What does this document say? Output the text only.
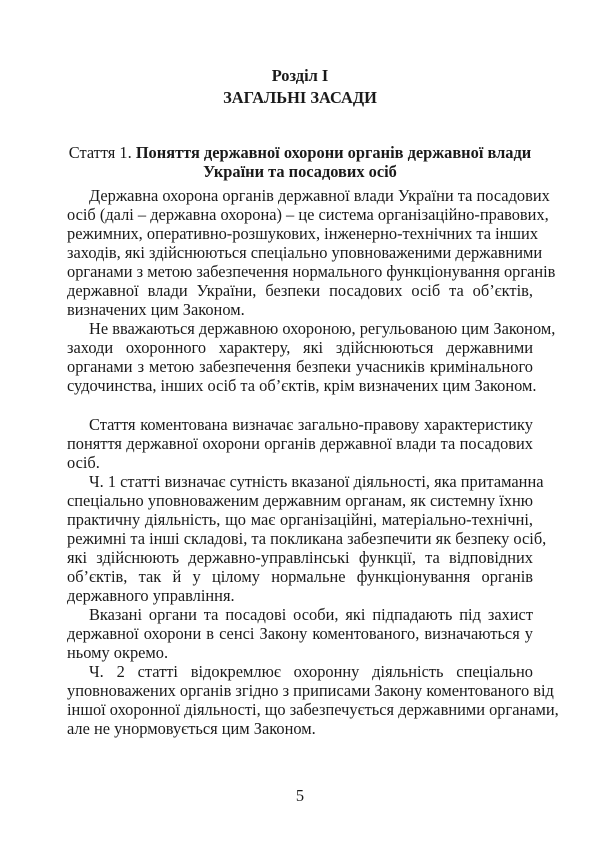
Розділ І
ЗАГАЛЬНІ ЗАСАДИ
Стаття 1. Поняття державної охорони органів державної влади
України та посадових осіб
Державна охорона органів державної влади України та посадових
осіб (далі – державна охорона) – це система організаційно-правових,
режимних, оперативно-розшукових, інженерно-технічних та інших
заходів, які здійснюються спеціально уповноваженими державними
органами з метою забезпечення нормального функціонування органів
державної влади України, безпеки посадових осіб та об’єктів,
визначених цим Законом.
Не вважаються державною охороною, регульованою цим Законом,
заходи охоронного характеру, які здійснюються державними
органами з метою забезпечення безпеки учасників кримінального
судочинства, інших осіб та об’єктів, крім визначених цим Законом.
Стаття коментована визначає загально-правову характеристику
поняття державної охорони органів державної влади та посадових
осіб.
Ч. 1 статті визначає сутність вказаної діяльності, яка притаманна
спеціально уповноваженим державним органам, як системну їхню
практичну діяльність, що має організаційні, матеріально-технічні,
режимні та інші складові, та покликана забезпечити як безпеку осіб,
які здійснюють державно-управлінські функції, та відповідних
об’єктів, так й у цілому нормальне функціонування органів
державного управління.
Вказані органи та посадові особи, які підпадають під захист
державної охорони в сенсі Закону коментованого, визначаються у
ньому окремо.
Ч. 2 статті відокремлює охоронну діяльність спеціально
уповноважених органів згідно з приписами Закону коментованого від
іншої охоронної діяльності, що забезпечується державними органами,
але не унормовується цим Законом.
5
